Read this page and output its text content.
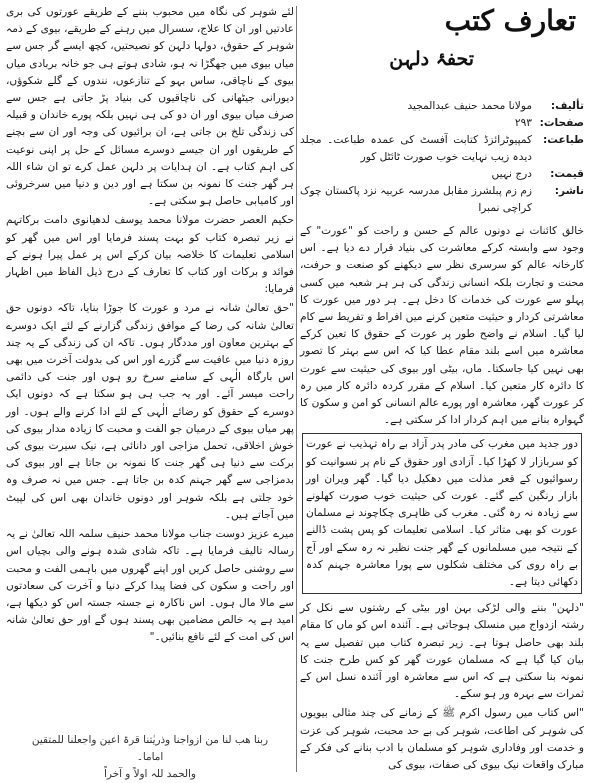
تعارف کتب
تحفۂ دلہن
تألیف:
مولانا محمد حنیف عبدالمجید
صفحات:
۲۹۳
طباعت:
کمپیوٹرائزڈ کتابت آفسٹ کی عمدہ طباعت۔ مجلد دیدہ زیب نہایت خوب صورت ٹائٹل کور
قیمت:
درج نہیں
ناشر:
زم زم پبلشرز مقابل مدرسہ عربیہ نزد پاکستان چوک کراچی نمبرا

خالق کائنات نے دونوں عالم کے حسن و راحت کو "عورت" کے وجود سے وابستہ کرکے معاشرت کی بنیاد قرار دے دیا ہے۔ اس کارخانہ عالم کو سرسری نظر سے دیکھنے کو صنعت و حرفت، محنت و تجارت بلکہ انسانی زندگی کی ہر ہر شعبہ میں کسی پہلو سے عورت کی خدمات کا دخل ہے۔ ہر دور میں عورت کا معاشرتی کردار و حیثیت متعین کرنے میں افراط و تفریط سے کام لیا گیا۔ اسلام نے واضح طور پر عورت کے حقوق کا تعین کرکے معاشرہ میں اسے بلند مقام عطا کیا کہ اس سے بہتر کا تصور بھی نہیں کیا جاسکتا۔ ماں، بیٹی اور بیوی کی حیثیت سے عورت کا دائرہ کار متعین کیا۔ اسلام کے مقرر کردہ دائرہ کار میں رہ کر عورت گھر، معاشرہ اور پورے عالم انسانی کو امن و سکون کا گہوارہ بنانے میں اہم کردار ادا کر سکتی ہے۔

دور جدید میں مغرب کی مادر پدر آزاد بے راہ تہذیب نے عورت کو سربازار لا کھڑا کیا۔ آزادی اور حقوق کے نام پر نسوانیت کو رسوائیوں کے قعر مذلت میں دھکیل دیا گیا۔ گھر ویران اور بازار رنگین کیے گئے۔ عورت کی حیثیت خوب صورت کھلونے سے زیادہ نہ رہ گئی۔ مغرب کی ظاہری چکاچوند نے مسلمان عورت کو بھی متاثر کیا۔ اسلامی تعلیمات کو پس پشت ڈالنے کے نتیجہ میں مسلمانوں کے گھر جنت نظیر نہ رہ سکے اور آج بے راہ روی کی مختلف شکلوں سے پورا معاشرہ جہنم کدہ دکھائی دیتا ہے۔

"دلہن" بننے والی لڑکی بہن اور بیٹی کے رشتوں سے نکل کر رشتہ ازدواج میں منسلک ہوجاتی ہے۔ آئندہ اس کو ماں کا مقام بلند بھی حاصل ہوتا ہے۔ زیر تبصرہ کتاب میں تفصیل سے یہ بیان کیا گیا ہے کہ مسلمان عورت گھر کو کس طرح جنت کا نمونہ بنا سکتی ہے کہ اس سے معاشرہ اور آئندہ نسل اس کے ثمرات سے بہرہ ور ہو سکے۔

"اس کتاب میں رسول اکرم ﷺ کے زمانے کی چند مثالی بیویوں کی شوہر کی اطاعت، شوہر کی بے حد محبت، شوہر کی عزت و خدمت اور وفاداری شوہر کو مسلمان با ادب بنانے کی فکر کے مبارک واقعات نیک بیوی کی صفات، بیوی کی

لئے شوہر کی نگاہ میں محبوب بننے کے طریقے عورتوں کی بری عادتیں اور ان کا علاج، سسرال میں رہنے کے طریقے، بیوی کے ذمہ شوہر کے حقوق، دولہا دلہن کو نصیحتیں، کچھ ایسے گر جس سے میاں بیوی میں جھگڑا نہ ہو، شادی ہوتے ہی جو خانہ بربادی میاں بیوی کے ناچاقی، ساس بہو کے تنازعوں، نندوں کے گلے شکوؤں، دیورانی جیٹھانی کی ناچاقیوں کی بنیاد پڑ جاتی ہے جس سے صرف میاں بیوی اور ان دو کی ہی نہیں بلکہ پورے خاندان و قبیلہ کی زندگی تلخ بن جاتی ہے، ان برائیوں کی وجہ اور ان سے بچنے کے طریقوں اور ان جیسے دوسرے مسائل کے حل پر اپنی نوعیت کی اہم کتاب ہے۔ ان ہدایات پر دلہن عمل کرے تو ان شاء اللہ ہر گھر جنت کا نمونہ بن سکتا ہے اور دین و دنیا میں سرخروئی اور کامیابی حاصل ہو سکتی ہے۔

حکیم العصر حضرت مولانا محمد یوسف لدھیانوی دامت برکاتہم نے زیر تبصرہ کتاب کو بہت پسند فرمایا اور اس میں گھر کو اسلامی تعلیمات کا خلاصہ بیان کرکے اس پر عمل پیرا ہونے کے فوائد و برکات اور کتاب کا تعارف کے درج ذیل الفاظ میں اظہار فرمایا:

"حق تعالیٰ شانہ نے مرد و عورت کا جوڑا بنایا، تاکہ دونوں حق تعالیٰ شانہ کی رضا کے موافق زندگی گزارنے کے لئے ایک دوسرے کے بہترین معاون اور مددگار ہوں۔ تاکہ ان کی زندگی کے یہ چند روزہ دنیا میں عافیت سے گزرے اور اس کی بدولت آخرت میں بھی اس بارگاہ الٰہی کے سامنے سرخ رو ہوں اور جنت کی دائمی راحت میسر آئے۔ اور یہ جب ہی ہو سکتا ہے کہ دونوں ایک دوسرے کے حقوق کو رضائے الٰہی کے لئے ادا کرنے والے ہوں۔ اور پھر میاں بیوی کے درمیان جو الفت و محبت کا زیادہ مدار بیوی کی خوش اخلاقی، تحمل مزاجی اور دانائی ہے، نیک سیرت بیوی کی برکت سے دنیا ہی گھر جنت کا نمونہ بن جاتا ہے اور بیوی کی بدمزاجی سے گھر جہنم کدہ بن جاتا ہے۔ جس میں نہ صرف وہ خود جلتی ہے بلکہ شوہر اور دونوں خاندان بھی اس کی لپیٹ میں آجاتے ہیں۔

میرے عزیز دوست جناب مولانا محمد حنیف سلمہ اللہ تعالیٰ نے یہ رسالہ تالیف فرمایا ہے۔ تاکہ شادی شدہ ہونے والی بچیاں اس سے روشنی حاصل کریں اور اپنے گھروں میں باہمی الفت و محبت اور راحت و سکون کی فضا پیدا کرکے دنیا و آخرت کی سعادتوں سے مالا مال ہوں۔ اس ناکارہ نے جستہ جستہ اس کو دیکھا ہے، امید ہے یہ خالص مضامین بھی پسند ہوں گے اور حق تعالیٰ شانہ اس کی امت کے لئے نافع بنائیں۔"

ربنا ھب لنا من ازواجنا وذریٰتنا قرۃ اعین واجعلنا للمتقین

اماما۔

والحمد للہ اولاً و آخراً
